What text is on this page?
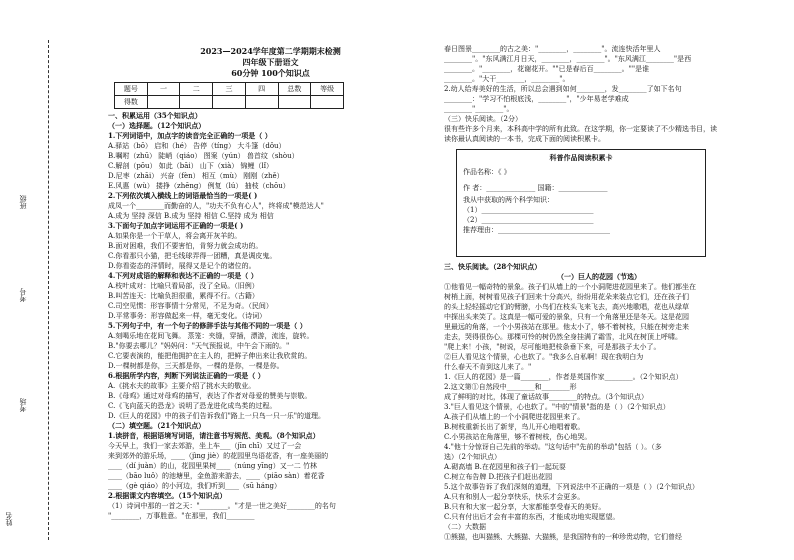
班级
考号
考场
姓名
2023—2024学年度第二学期期末检测
四年级下册语文
60分钟 100个知识点
题号	一	二	三	四	总数	等级
得数						

一、积累运用（35个知识点）

（一）选择题。（12个知识点）

1.下列词语中，加点字的读音完全正确的一项是（ ）

A.驿站（bō） 启和（hé） 告停（tíng） 大斗篷（dǒu）

B.嘱咐（zhū） 陡峭（qiáo） 图案（yún） 兽首纹（shòu）

C.解剖（pōu） 如此（bāi） 山下（xià） 锦鲤（lǐ）

D.尼枣（zhāi） 兴奋（fèn） 相互（mù） 刚刚（zhě）

E.风惠（wù） 搂挣（zhēng） 例复（lú） 抽枝（chōu）

2.下列依次填入横线上的词语最恰当的一项是( )

成凤一个________而勤奋的人，"功夫不负有心人"，终将成"模范达人"

A.成为 坚持 深信 B.成为 坚持 相信 C.坚持 成为 相信

3.下面句子加点字词运用不正确的一项是( )

A.如果你是一个干草人，将会离开灰羊的。

B.面对困难，我们不要害怕，肯努力就会成功的。

C.你看那只小猫，把毛线球弄得一团糟，真是调皮鬼。

D.你看姿态的洋情时，展得又是记个的诸位的。

4.下列对成语的解释和表达不正确的一项是（ ）

A.枝叶成对：比喻只看局部，没了全局。（旧例）

B.叫苦连天：比喻负担很重，累得不行。（古籍）

C.司空见惯：形容事情十分常见，不足为奇。（民间）

D.平常事务：形容做起来一样，毫无变化。（诗词）

5.下列句子中，有一个句子的修辞手法与其他不同的一项是（ ）

A.刻喝乐地在花间飞舞。 蒸笼：夹缝，穿插，漂游，流连，旋转。

B."你要去哪儿？"妈妈问："天气预报说，中午会下雨的。"

C.它要表演的，能把他拥护在主人的，把鲜子伸出来让我欣赏的。

D.一棵树都是你，三天都是你，一棵的是你，一棵是你。

6.根据所学内容，判断下列说法正确的一项是（ ）

A.《挑水夫的故事》主要介绍了挑水夫的敬业。

B.《母鸡》通过对母鸡的描写，表达了作者对母爱的赞美与崇敬。

C.《飞向蓝天的恐龙》说明了恐龙进化成鸟类的过程。

D.《巨人的花园》中的孩子们告诉我们"路上一只鸟一只一乐"的道理。

（二）填空题。（21个知识点）

1.读拼音，根据语境写词语，请注意书写规范、美观。（8个知识点）

今天早上，我们一家去郊游，坐上车___（jīn chī）又过了一会

来到郊外的游乐场，____（jìng jiè）的花园里鸟语花香，有一座美丽的

____（dí juàn）的山，花园里果树____（núng yīng）又一二 竹林

____（bāo luǒ）的池塘里，金鱼游来游去，____（piāo sàn）着花香

____（gè qiáo）的小河边，我们听到____（sū háng）

2.根据课文内容填空。（15个知识点）

（1）诗词中那的一首之天："________。"才是一世之美好________的名句

"________，万事胜意。"在那里，我们________

春日图景________的古之美："________，________"。流连快活年里人

________"。"东风满江月日天，________，________"。"东风满江________"是西

________。"________，花谢花开。""已是春后百________。""是谁

________。"大干________，________"。

2.幼人给寿美好的生活，所以总会遇到如何________，发________了如下名句

________："学习不怕根底浅，________"，"少年易老学难成

________"________"。

（三）快乐阅读。（2分）

很有些许多个月来，本科高中学的所有此致。在这学期，你一定要读了不少精选书目，读

读你最认真阅读的一本书，完成下面的阅读积累卡。

科普作品阅读积累卡

作品名称：《 》

作 者：______________ 国籍：______________

我从中获取的两个科学知识：

（1）________________________________

（2）________________________________

推荐理由：________________________________

三、快乐阅读。（28个知识点）

（一）巨人的花园（节选）

①他看见一幅奇特的景象。孩子们从墙上的一个小洞爬进花园里来了。他们都坐在

树梢上面，树树看见孩子们回来十分高兴，纷纷用花朵来装点它们，还在孩子们

的头上轻轻摇动它们的臂膀，小鸟们在枝头飞来飞去，高兴地歌唱，花也从绿草

中探出头来笑了。这真是一幅可爱的景象，只有一个角落里还是冬天。这是花园

里最远的角落，一个小男孩站在那里。他太小了，够不着树枝，只能在树旁走来

走去，哭得很伤心。那棵可怜的树仍然全身挂满了霜雪，北风在树顶上呼啸。

"爬上来！小孩，"树说，尽可能地把枝条垂下来，可是那孩子太小了。

②巨人看见这个情景，心也软了。"我多么自私啊！现在我明白为

什么春天不肯到这儿来了。"

1.《巨人的花园》是一篇________，作者是英国作家________。（2个知识点）

2.这文第①自然段中________和________形

成了鲜明的对比，体现了童话故事________的特点。（3个知识点）

3."巨人看见这个情景，心也软了。"中的"情景"指的是（ ）（2个知识点）

A.孩子们从墙上的一个小洞爬进花园里来了。

B.树枝重新长出了新芽，鸟儿开心地唱着歌。

C.小男孩站在角落里，够不着树枝，伤心地哭。

4."他十分惊讶自己先前的举动。"这句话中"先前的举动"包括（ ）。（多

选）（2个知识点）

A.砌高墙 B.在花园里和孩子们一起玩耍

C.树立布告牌 D.把孩子们赶出花园

5.这个故事告诉了我们深刻的道理，下列说法中不正确的一项是（ ）（2个知识点）

A.只有和别人一起分享快乐，快乐才会更多。

B.只有和大家一起分享，大家都能享受春天的美好。

C.只有付出后才会有丰富的东西，才能成功地实现愿望。

（二）大数据

①熊猫，也叫猫熊、大熊猫、大猫熊，是我国特有的一种珍贵动物，它们曾经
